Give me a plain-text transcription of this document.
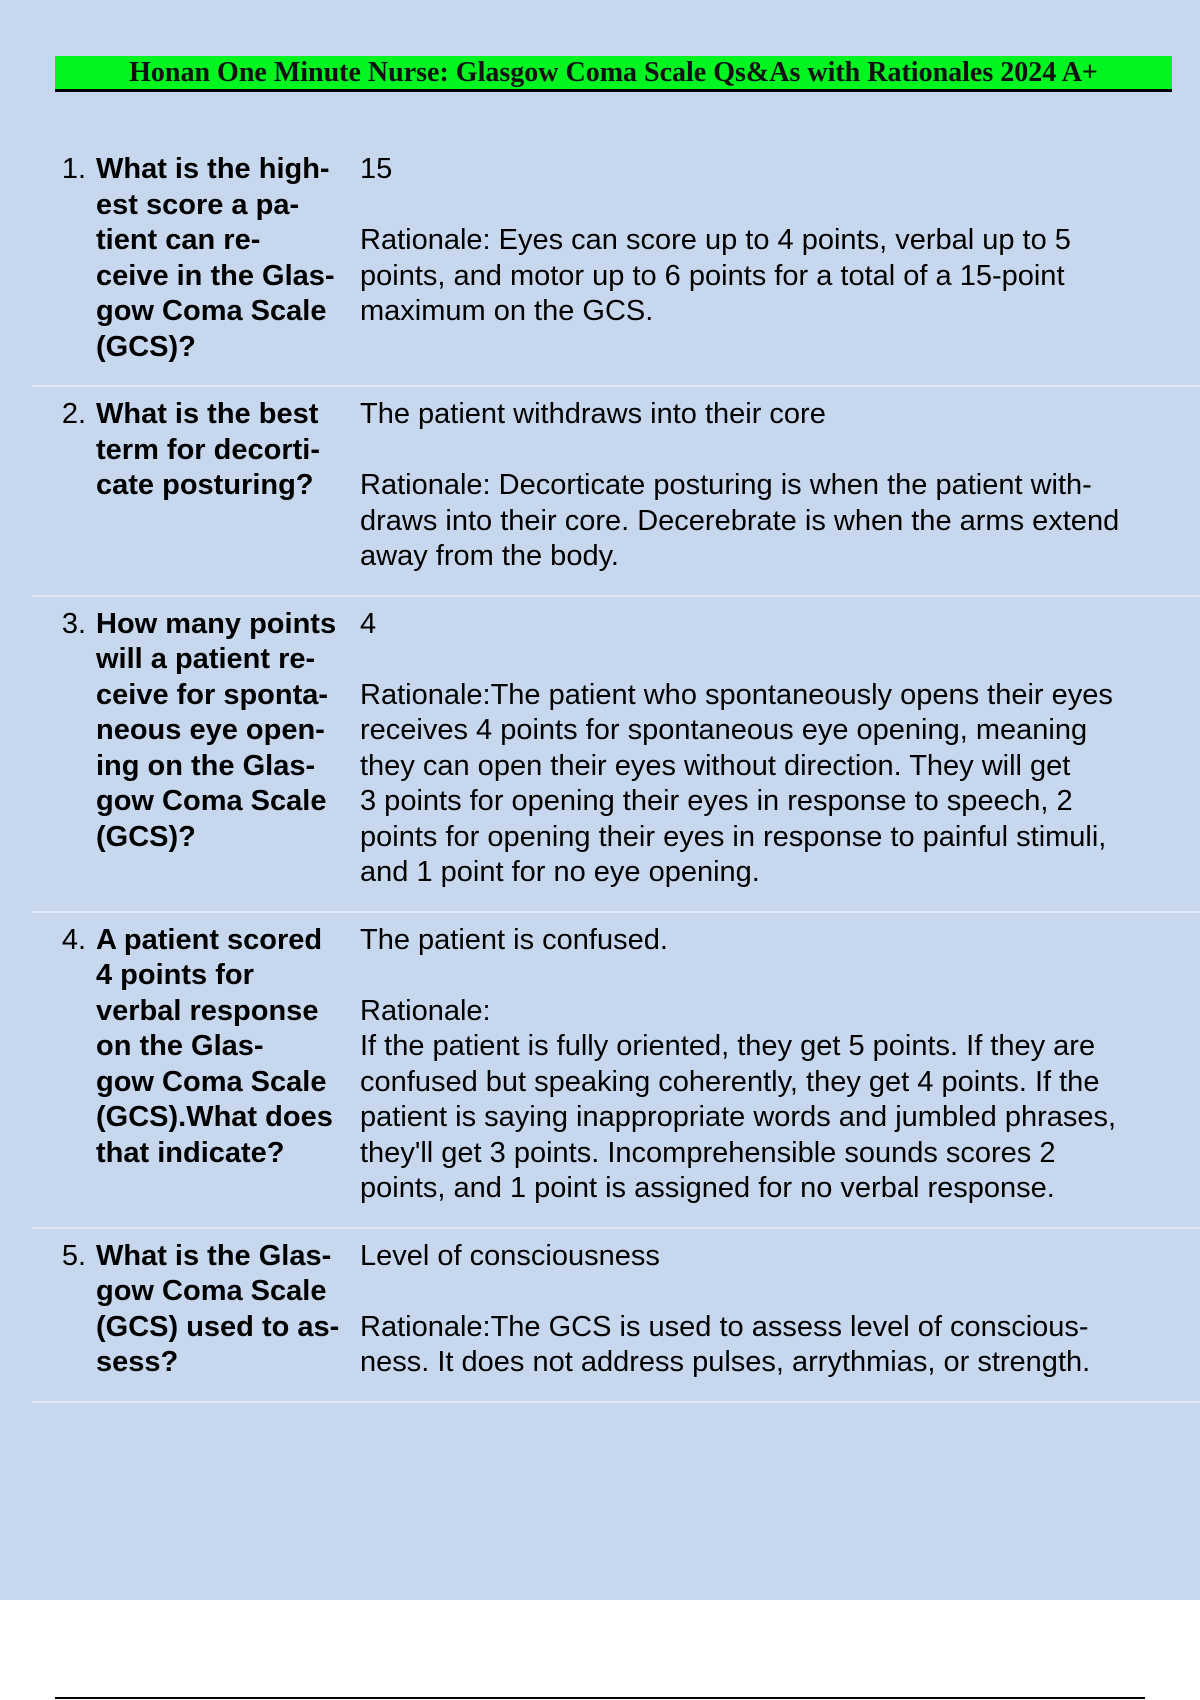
Honan One Minute Nurse: Glasgow Coma Scale Qs&As with Rationales 2024 A+
1. What is the high-
est score a pa-
tient can re-
ceive in the Glas-
gow Coma Scale
(GCS)?
15
Rationale: Eyes can score up to 4 points, verbal up to 5
points, and motor up to 6 points for a total of a 15-point
maximum on the GCS.
2. What is the best
term for decorti-
cate posturing?
The patient withdraws into their core
Rationale: Decorticate posturing is when the patient with-
draws into their core. Decerebrate is when the arms extend
away from the body.
3. How many points
will a patient re-
ceive for sponta-
neous eye open-
ing on the Glas-
gow Coma Scale
(GCS)?
4
Rationale:The patient who spontaneously opens their eyes
receives 4 points for spontaneous eye opening, meaning
they can open their eyes without direction. They will get
3 points for opening their eyes in response to speech, 2
points for opening their eyes in response to painful stimuli,
and 1 point for no eye opening.
4. A patient scored
4 points for
verbal response
on the Glas-
gow Coma Scale
(GCS).What does
that indicate?
The patient is confused.
Rationale:
If the patient is fully oriented, they get 5 points. If they are
confused but speaking coherently, they get 4 points. If the
patient is saying inappropriate words and jumbled phrases,
they'll get 3 points. Incomprehensible sounds scores 2
points, and 1 point is assigned for no verbal response.
5. What is the Glas-
gow Coma Scale
(GCS) used to as-
sess?
Level of consciousness
Rationale:The GCS is used to assess level of conscious-
ness. It does not address pulses, arrythmias, or strength.
